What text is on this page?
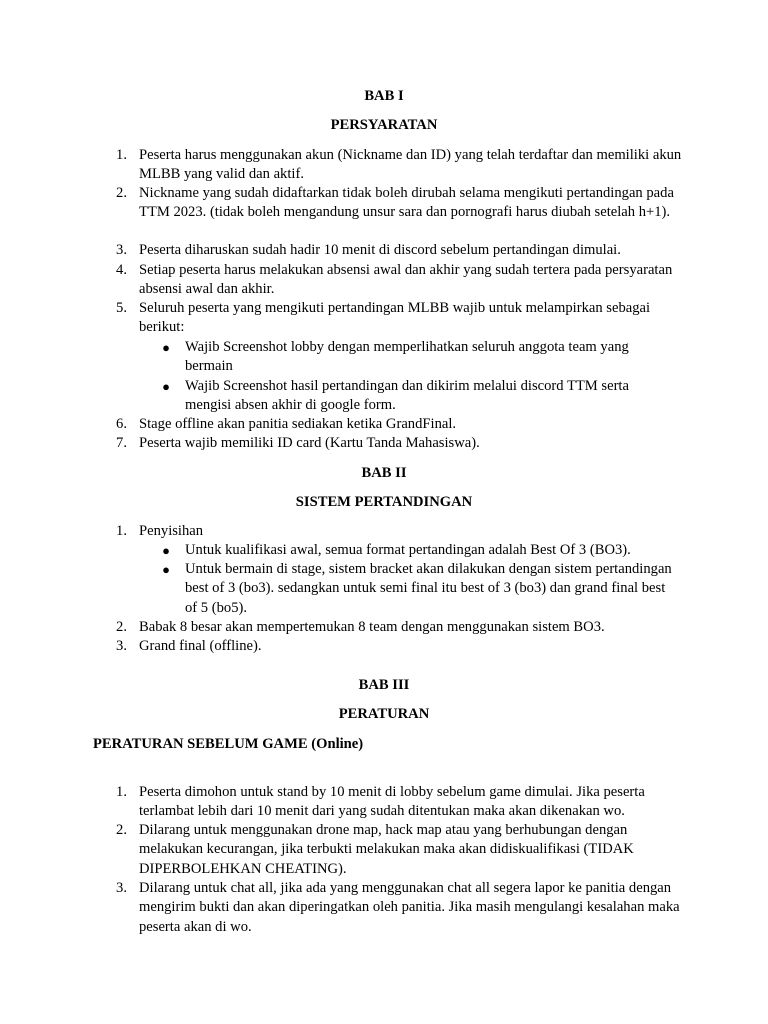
BAB I
PERSYARATAN
1. Peserta harus menggunakan akun (Nickname dan ID) yang telah terdaftar dan memiliki akun MLBB yang valid dan aktif.
2. Nickname yang sudah didaftarkan tidak boleh dirubah selama mengikuti pertandingan pada TTM 2023. (tidak boleh mengandung unsur sara dan pornografi harus diubah setelah h+1).
3. Peserta diharuskan sudah hadir 10 menit di discord sebelum pertandingan dimulai.
4. Setiap peserta harus melakukan absensi awal dan akhir yang sudah tertera pada persyaratan absensi awal dan akhir.
5. Seluruh peserta yang mengikuti pertandingan MLBB wajib untuk melampirkan sebagai berikut:
● Wajib Screenshot lobby dengan memperlihatkan seluruh anggota team yang bermain
● Wajib Screenshot hasil pertandingan dan dikirim melalui discord TTM serta mengisi absen akhir di google form.
6. Stage offline akan panitia sediakan ketika GrandFinal.
7. Peserta wajib memiliki ID card (Kartu Tanda Mahasiswa).
BAB II
SISTEM PERTANDINGAN
1. Penyisihan
● Untuk kualifikasi awal, semua format pertandingan adalah Best Of 3 (BO3).
● Untuk bermain di stage, sistem bracket akan dilakukan dengan sistem pertandingan best of 3 (bo3). sedangkan untuk semi final itu best of 3 (bo3) dan grand final best of 5 (bo5).
2. Babak 8 besar akan mempertemukan 8 team dengan menggunakan sistem BO3.
3. Grand final (offline).
BAB III
PERATURAN
PERATURAN SEBELUM GAME (Online)
1. Peserta dimohon untuk stand by 10 menit di lobby sebelum game dimulai. Jika peserta terlambat lebih dari 10 menit dari yang sudah ditentukan maka akan dikenakan wo.
2. Dilarang untuk menggunakan drone map, hack map atau yang berhubungan dengan melakukan kecurangan, jika terbukti melakukan maka akan didiskualifikasi (TIDAK DIPERBOLEHKAN CHEATING).
3. Dilarang untuk chat all, jika ada yang menggunakan chat all segera lapor ke panitia dengan mengirim bukti dan akan diperingatkan oleh panitia. Jika masih mengulangi kesalahan maka peserta akan di wo.
